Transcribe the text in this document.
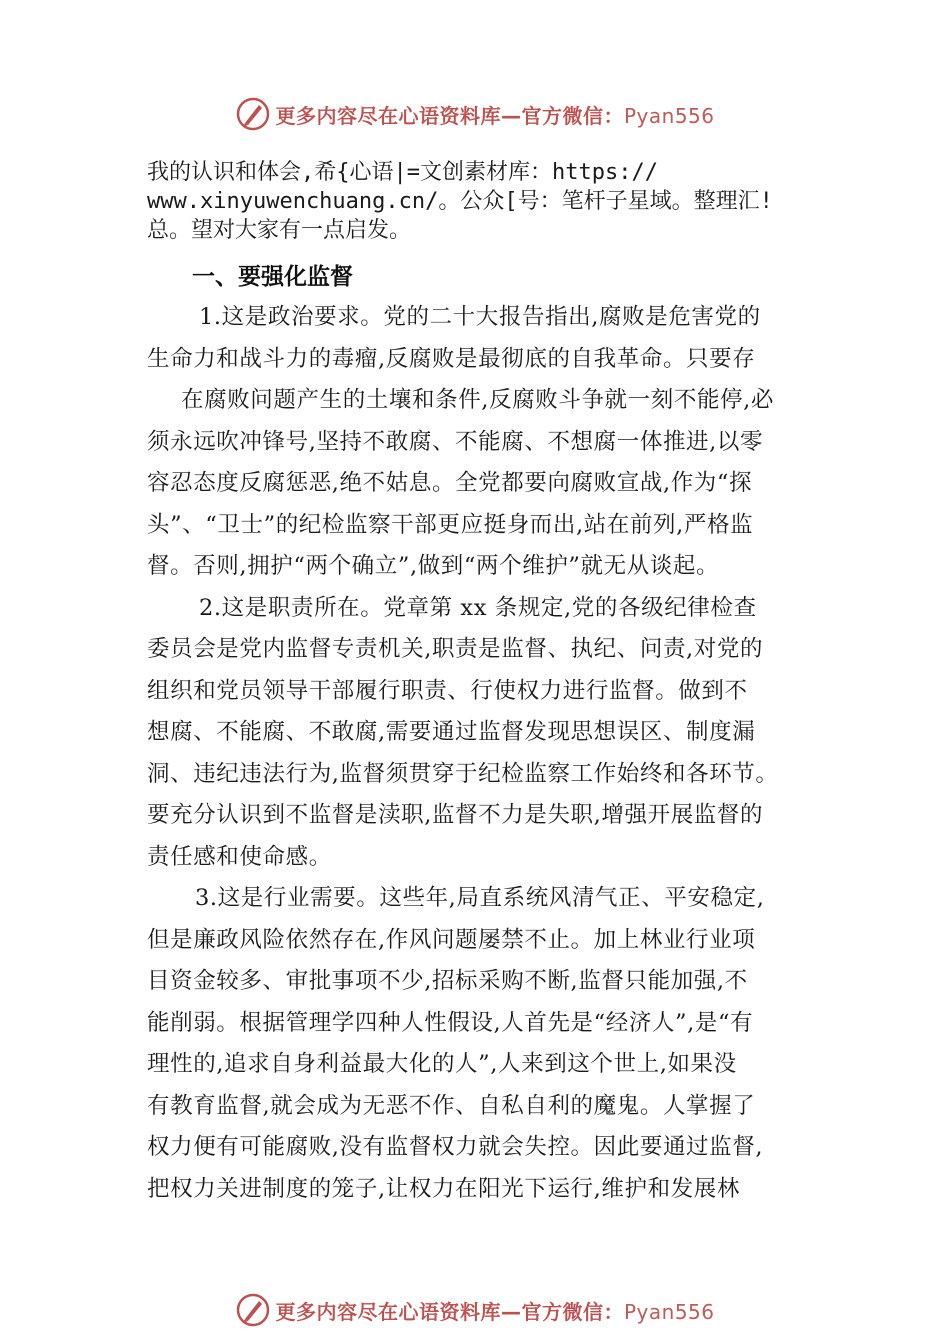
更多内容尽在心语资料库—官方微信：Pyan556
我的认识和体会,希{心语|=文创素材库：https://
www.xinyuwenchuang.cn/。公众[号：笔杆子星域。整理汇!
总。望对大家有一点启发。
一、要强化监督
1.这是政治要求。党的二十大报告指出,腐败是危害党的
生命力和战斗力的毒瘤,反腐败是最彻底的自我革命。只要存
在腐败问题产生的土壤和条件,反腐败斗争就一刻不能停,必
须永远吹冲锋号,坚持不敢腐、不能腐、不想腐一体推进,以零
容忍态度反腐惩恶,绝不姑息。全党都要向腐败宣战,作为“探
头”、“卫士”的纪检监察干部更应挺身而出,站在前列,严格监
督。否则,拥护“两个确立”,做到“两个维护”就无从谈起。
2.这是职责所在。党章第 xx 条规定,党的各级纪律检查
委员会是党内监督专责机关,职责是监督、执纪、问责,对党的
组织和党员领导干部履行职责、行使权力进行监督。做到不
想腐、不能腐、不敢腐,需要通过监督发现思想误区、制度漏
洞、违纪违法行为,监督须贯穿于纪检监察工作始终和各环节。
要充分认识到不监督是渎职,监督不力是失职,增强开展监督的
责任感和使命感。
3.这是行业需要。这些年,局直系统风清气正、平安稳定,
但是廉政风险依然存在,作风问题屡禁不止。加上林业行业项
目资金较多、审批事项不少,招标采购不断,监督只能加强,不
能削弱。根据管理学四种人性假设,人首先是“经济人”,是“有
理性的,追求自身利益最大化的人”,人来到这个世上,如果没
有教育监督,就会成为无恶不作、自私自利的魔鬼。人掌握了
权力便有可能腐败,没有监督权力就会失控。因此要通过监督,
把权力关进制度的笼子,让权力在阳光下运行,维护和发展林
更多内容尽在心语资料库—官方微信：Pyan556
